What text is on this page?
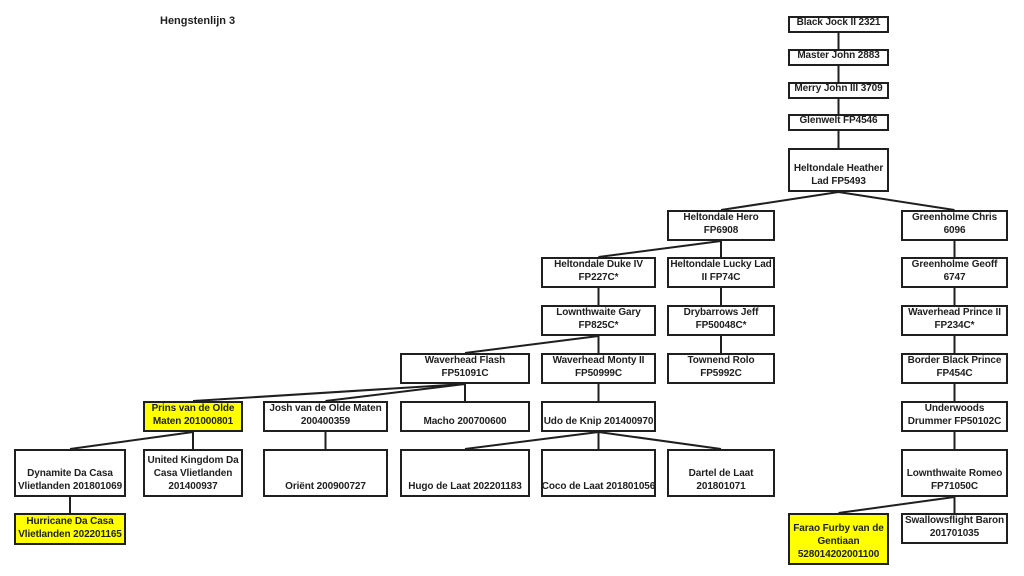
Hengstenlijn 3	Black Jock II 2321
Master John 2883
Merry John III 3709
Glenwelt FP4546
Heltondale Heather
Lad FP5493
Heltondale Hero
FP6908
Greenholme Chris
6096
Heltondale Duke IV
FP227C*
Heltondale Lucky Lad
II FP74C
Greenholme Geoff
6747
Lownthwaite Gary
FP825C*
Drybarrows Jeff
FP50048C*
Waverhead Prince II
FP234C*
Waverhead Flash
FP51091C
Waverhead Monty II
FP50999C
Townend Rolo
FP5992C
Border Black Prince
FP454C
Prins van de Olde
Maten 201000801
Josh van de Olde Maten
200400359	Macho 200700600	Udo de Knip 201400970
Underwoods
Drummer FP50102C
Dynamite Da Casa
Vlietlanden 201801069
United Kingdom Da
Casa Vlietlanden
201400937	Oriënt 200900727	Hugo de Laat 202201183 Coco de Laat 201801056
Dartel de Laat
201801071
Lownthwaite Romeo
FP71050C
Hurricane Da Casa
Vlietlanden 202201165
Farao Furby van de
Gentiaan
528014202001100
Swallowsflight Baron
201701035
